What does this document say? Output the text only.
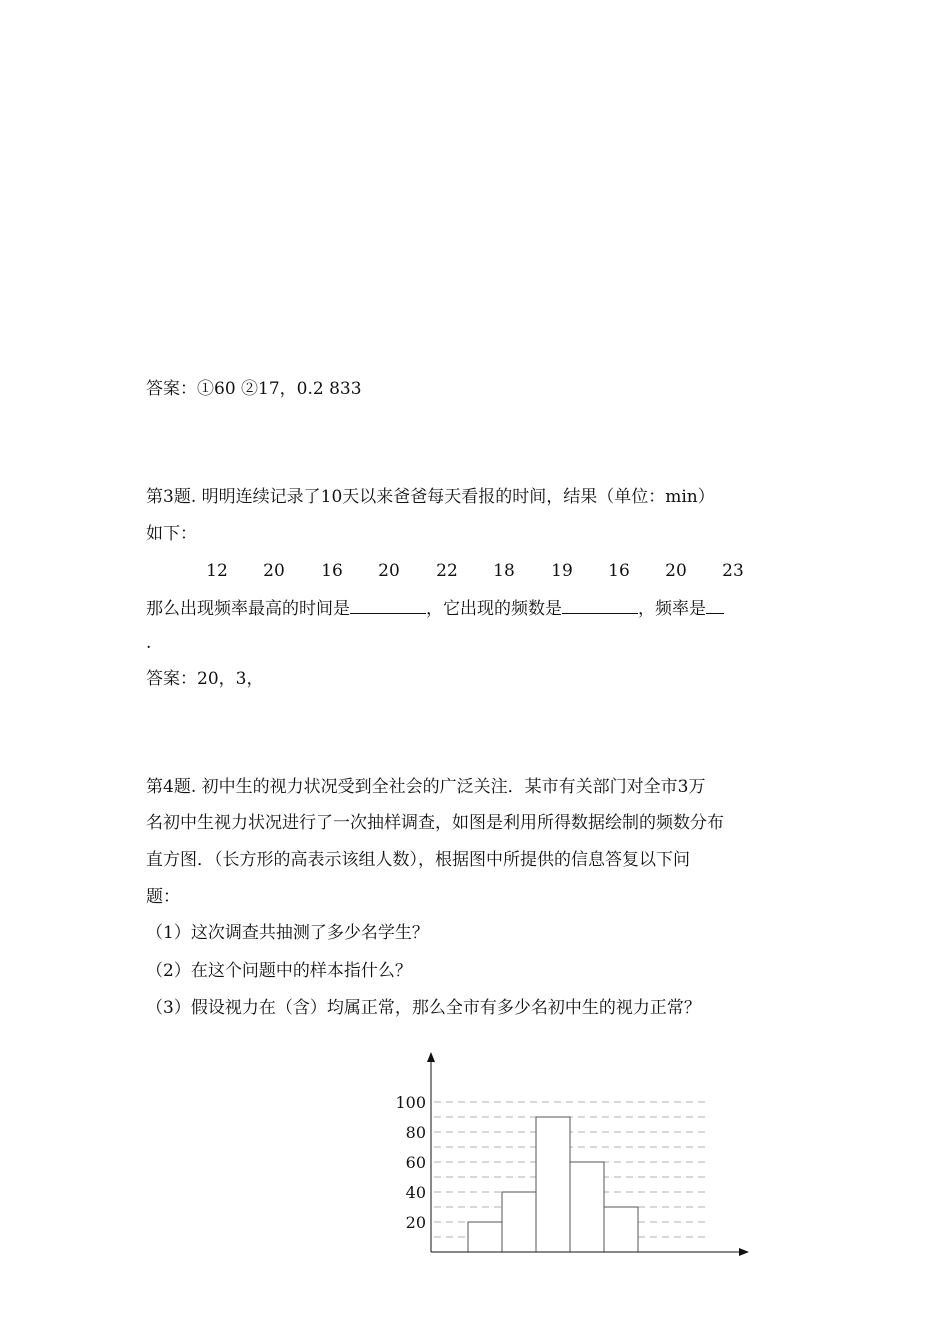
答案：①60 ②17，0.2 833
第3题. 明明连续记录了10天以来爸爸每天看报的时间，结果（单位：min）
如下：
12	20	16	20	22	18	19	16	20	23
那么出现频率最高的时间是	，它出现的频数是	，频率是
.
答案：20，3，
第4题. 初中生的视力状况受到全社会的广泛关注．某市有关部门对全市3万
名初中生视力状况进行了一次抽样调查，如图是利用所得数据绘制的频数分布
直方图．（长方形的高表示该组人数），根据图中所提供的信息答复以下问
题：
（1）这次调查共抽测了多少名学生？
（2）在这个问题中的样本指什么？
（3）假设视力在（含）均属正常，那么全市有多少名初中生的视力正常？
20
40
60
80
100
